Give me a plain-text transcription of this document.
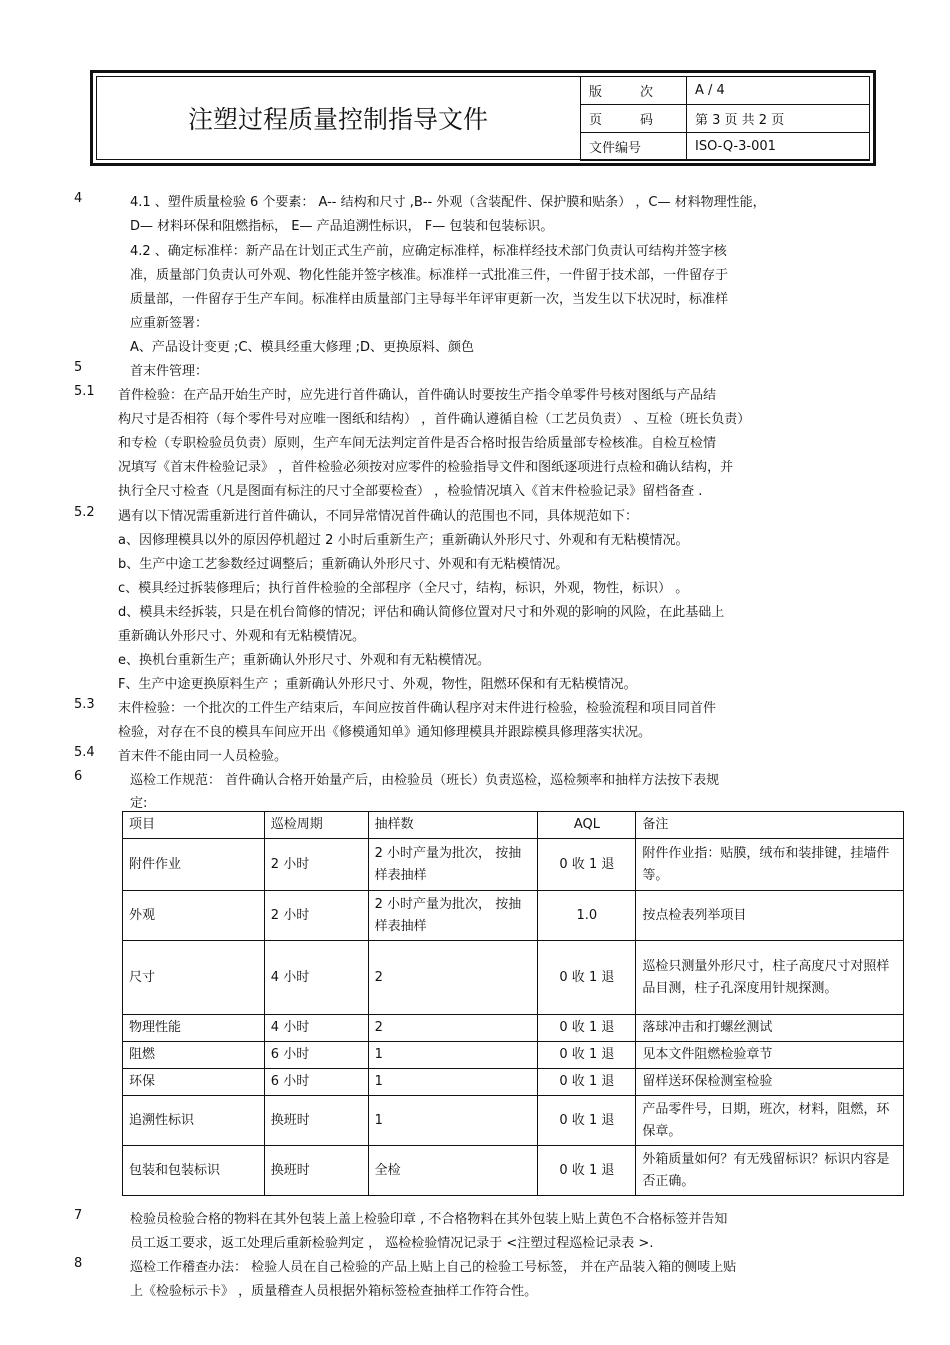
注塑过程质量控制指导文件
版 次	A / 4

页 码	第 3 页 共 2 页
文件编号	ISO-Q-3-001
4	4.1 、塑件质量检验 6 个要素： A-- 结构和尺寸 ,B-- 外观（含装配件、保护膜和贴条） ，C— 材料物理性能，
D— 材料环保和阻燃指标， E— 产品追溯性标识， F— 包装和包装标识。
4.2 、确定标准样：新产品在计划正式生产前，应确定标准样，标准样经技术部门负责认可结构并签字核
准，质量部门负责认可外观、物化性能并签字核准。标准样一式批准三件，一件留于技术部，一件留存于
质量部，一件留存于生产车间。标准样由质量部门主导每半年评审更新一次，当发生以下状况时，标准样
应重新签署：
A、产品设计变更 ;C、模具经重大修理 ;D、更换原料、颜色
5	首末件管理：
5.1 首件检验：在产品开始生产时，应先进行首件确认，首件确认时要按生产指令单零件号核对图纸与产品结
构尺寸是否相符（每个零件号对应唯一图纸和结构） ，首件确认遵循自检（工艺员负责） 、互检（班长负责）
和专检（专职检验员负责）原则，生产车间无法判定首件是否合格时报告给质量部专检核准。自检互检情
况填写《首末件检验记录》 ，首件检验必须按对应零件的检验指导文件和图纸逐项进行点检和确认结构，并
执行全尺寸检查（凡是图面有标注的尺寸全部要检查） ，检验情况填入《首末件检验记录》留档备查 .
5.2 遇有以下情况需重新进行首件确认，不同异常情况首件确认的范围也不同，具体规范如下：
a、因修理模具以外的原因停机超过 2 小时后重新生产；重新确认外形尺寸、外观和有无粘模情况。
b、生产中途工艺参数经过调整后；重新确认外形尺寸、外观和有无粘模情况。
c、模具经过拆装修理后；执行首件检验的全部程序（全尺寸，结构，标识，外观，物性，标识） 。
d、模具未经拆装，只是在机台简修的情况；评估和确认简修位置对尺寸和外观的影响的风险，在此基础上
重新确认外形尺寸、外观和有无粘模情况。
e、换机台重新生产；重新确认外形尺寸、外观和有无粘模情况。
F、生产中途更换原料生产 ；重新确认外形尺寸、外观，物性，阻燃环保和有无粘模情况。
5.3 末件检验：一个批次的工件生产结束后，车间应按首件确认程序对末件进行检验，检验流程和项目同首件
检验，对存在不良的模具车间应开出《修模通知单》通知修理模具并跟踪模具修理落实状况。
5.4 首末件不能由同一人员检验。
6	巡检工作规范： 首件确认合格开始量产后，由检验员（班长）负责巡检，巡检频率和抽样方法按下表规
定:
项目	巡检周期	抽样数	AQL	备注
附件作业	2 小时	2 小时产量为批次， 按抽样表抽样	0 收 1 退	附件作业指：贴膜，绒布和装排键，挂墙件等。
外观	2 小时	2 小时产量为批次， 按抽样表抽样	1.0	按点检表列举项目
尺寸	4 小时	2	0 收 1 退	巡检只测量外形尺寸，柱子高度尺寸对照样品目测，柱子孔深度用针规探测。
物理性能	4 小时	2	0 收 1 退	落球冲击和打螺丝测试
阻燃	6 小时	1	0 收 1 退	见本文件阻燃检验章节
环保	6 小时	1	0 收 1 退	留样送环保检测室检验
追溯性标识	换班时	1	0 收 1 退	产品零件号，日期，班次，材料，阻燃，环保章。
包装和包装标识	换班时	全检	0 收 1 退	外箱质量如何？有无残留标识？标识内容是否正确。
7	检验员检验合格的物料在其外包装上盖上检验印章 , 不合格物料在其外包装上贴上黄色不合格标签并告知
员工返工要求，返工处理后重新检验判定 ， 巡检检验情况记录于 <注塑过程巡检记录表 >.
8	巡检工作稽查办法： 检验人员在自己检验的产品上贴上自己的检验工号标签， 并在产品装入箱的侧唛上贴
上《检验标示卡》 ，质量稽查人员根据外箱标签检查抽样工作符合性。
